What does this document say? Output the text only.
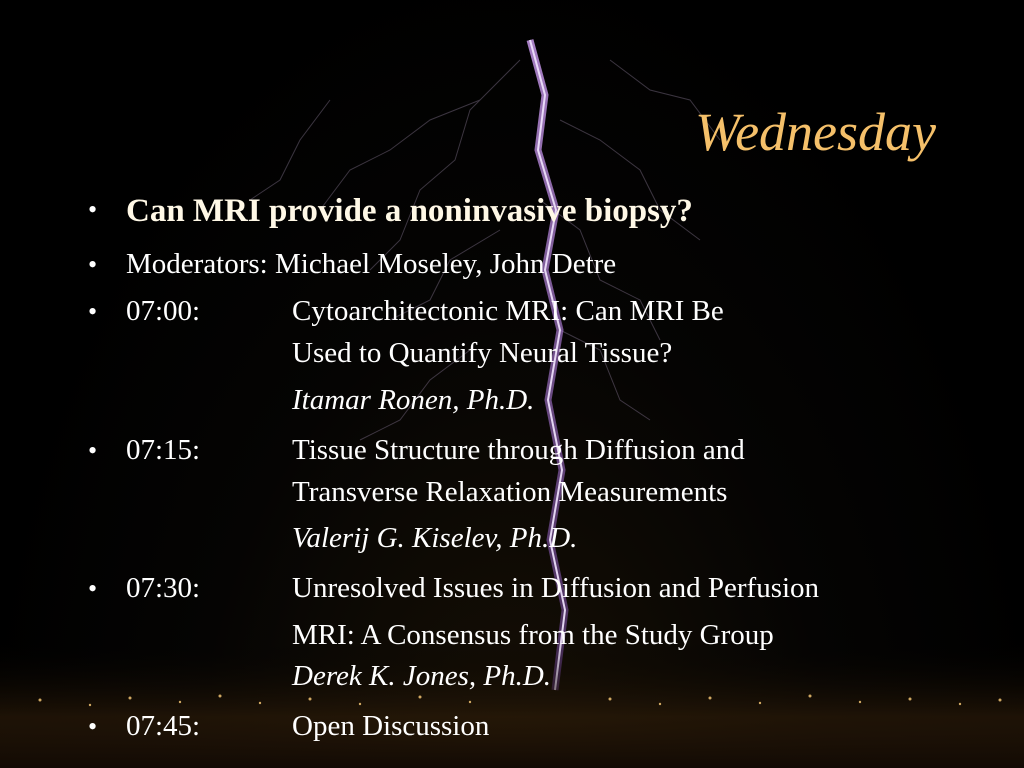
Wednesday
• Can MRI provide a noninvasive biopsy?
• Moderators: Michael Moseley, John Detre
• 07:00:	Cytoarchitectonic MRI: Can MRI Be
Used to Quantify Neural Tissue?
Itamar Ronen, Ph.D.
• 07:15:	Tissue Structure through Diffusion and
Transverse Relaxation Measurements
Valerij G. Kiselev, Ph.D.
• 07:30:	Unresolved Issues in Diffusion and Perfusion
MRI: A Consensus from the Study Group
Derek K. Jones, Ph.D.
• 07:45:	Open Discussion
